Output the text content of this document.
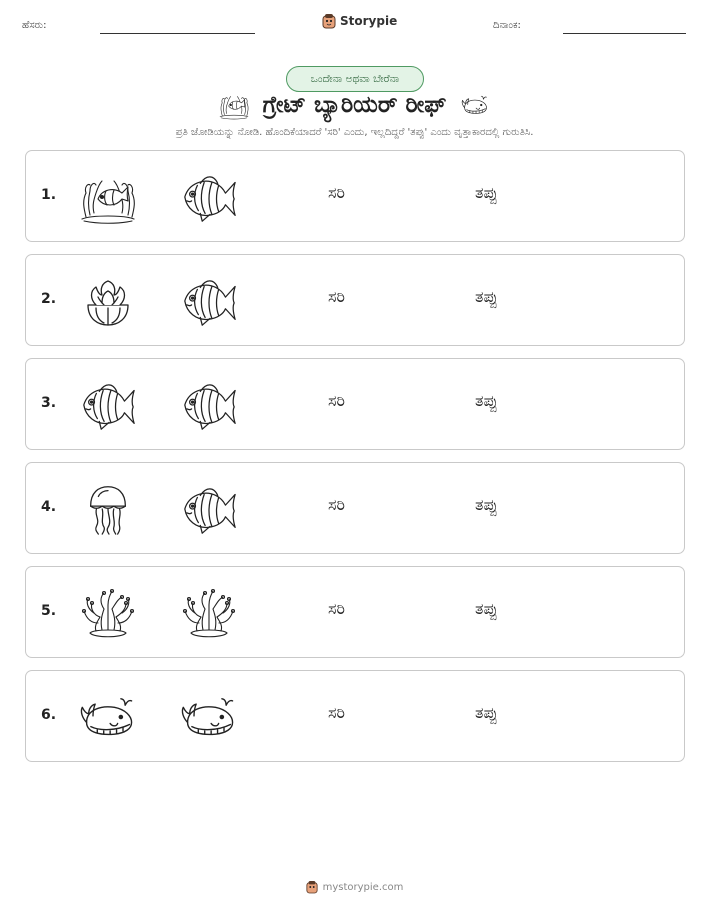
ಹೆಸರು:	Storypie	ದಿನಾಂಕ:
ಒಂದೇನಾ ಅಥವಾ ಬೇರೆನಾ
ಗ್ರೇಟ್ ಬ್ಯಾರಿಯರ್ ರೀಫ್
ಪ್ರತಿ ಜೋಡಿಯನ್ನು ನೋಡಿ. ಹೊಂದಿಕೆಯಾದರೆ 'ಸರಿ' ಎಂದು, ಇಲ್ಲದಿದ್ದರೆ 'ತಪ್ಪು' ಎಂದು ವೃತ್ತಾಕಾರದಲ್ಲಿ ಗುರುತಿಸಿ.
1.	ಸರಿ	ತಪ್ಪು
2.	ಸರಿ	ತಪ್ಪು
3.	ಸರಿ	ತಪ್ಪು
4.	ಸರಿ	ತಪ್ಪು
5.	ಸರಿ	ತಪ್ಪು
6.	ಸರಿ	ತಪ್ಪು
mystorypie.com
